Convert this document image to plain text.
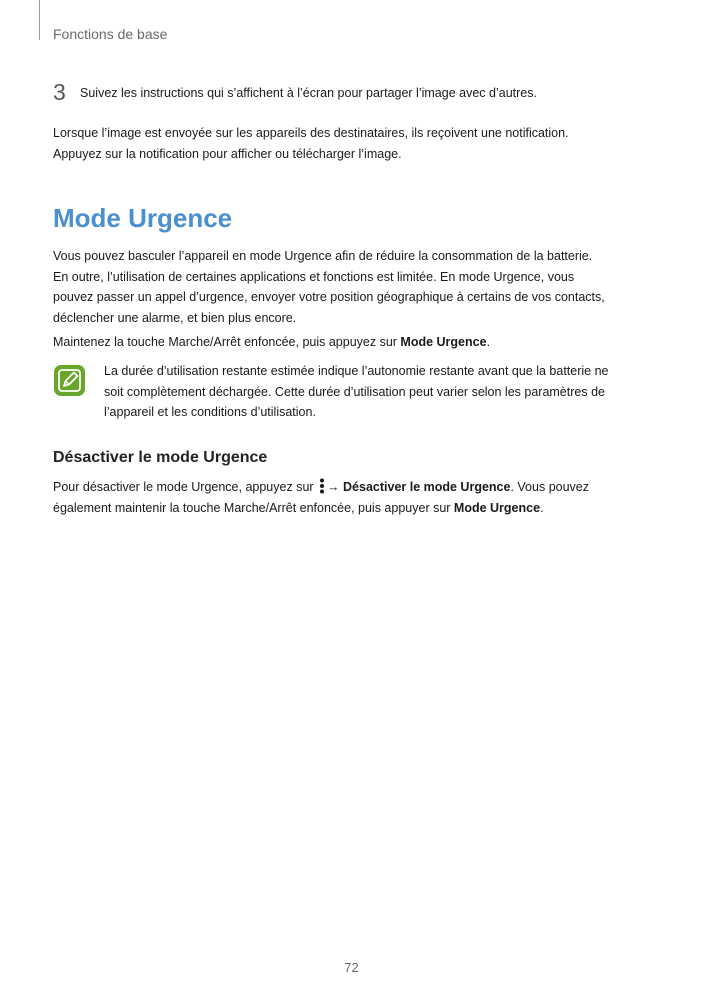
Fonctions de base
3 Suivez les instructions qui s’affichent à l’écran pour partager l’image avec d’autres.

Lorsque l’image est envoyée sur les appareils des destinataires, ils reçoivent une notification.
Appuyez sur la notification pour afficher ou télécharger l’image.

Mode Urgence

Vous pouvez basculer l’appareil en mode Urgence afin de réduire la consommation de la batterie.
En outre, l’utilisation de certaines applications et fonctions est limitée. En mode Urgence, vous
pouvez passer un appel d’urgence, envoyer votre position géographique à certains de vos contacts,
déclencher une alarme, et bien plus encore.

Maintenez la touche Marche/Arrêt enfoncée, puis appuyez sur Mode Urgence.

La durée d’utilisation restante estimée indique l’autonomie restante avant que la batterie ne
soit complètement déchargée. Cette durée d’utilisation peut varier selon les paramètres de
l’appareil et les conditions d’utilisation.

Désactiver le mode Urgence

Pour désactiver le mode Urgence, appuyez sur → Désactiver le mode Urgence. Vous pouvez
également maintenir la touche Marche/Arrêt enfoncée, puis appuyer sur Mode Urgence.

72
